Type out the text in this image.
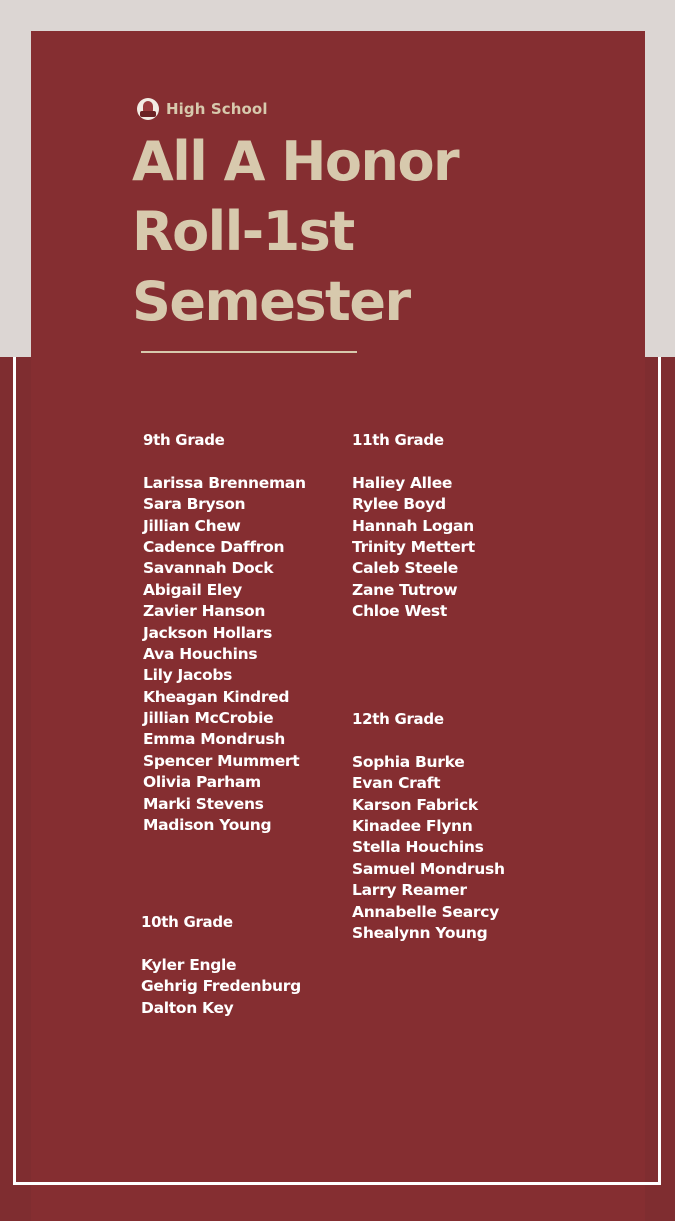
High School
All A Honor Roll-1st Semester
9th Grade
Larissa Brenneman
Sara Bryson
Jillian Chew
Cadence Daffron
Savannah Dock
Abigail Eley
Zavier Hanson
Jackson Hollars
Ava Houchins
Lily Jacobs
Kheagan Kindred
Jillian McCrobie
Emma Mondrush
Spencer Mummert
Olivia Parham
Marki Stevens
Madison Young
10th Grade
Kyler Engle
Gehrig Fredenburg
Dalton Key
11th Grade
Haliey Allee
Rylee Boyd
Hannah Logan
Trinity Mettert
Caleb Steele
Zane Tutrow
Chloe West
12th Grade
Sophia Burke
Evan Craft
Karson Fabrick
Kinadee Flynn
Stella Houchins
Samuel Mondrush
Larry Reamer
Annabelle Searcy
Shealynn Young
